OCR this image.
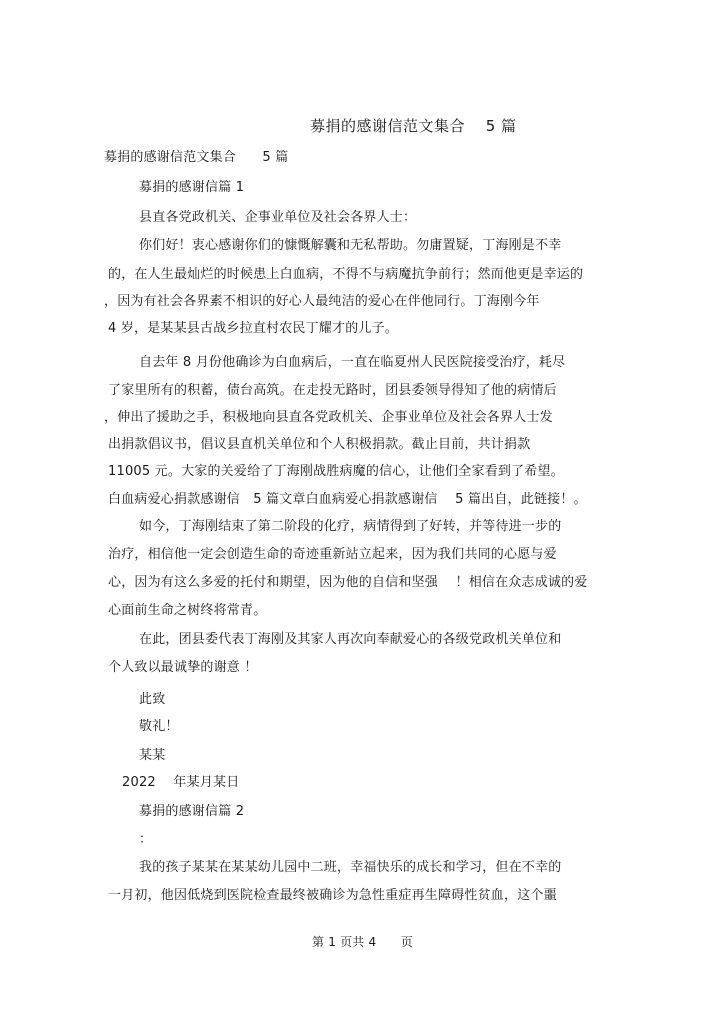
募捐的感谢信范文集合　 5 篇
募捐的感谢信范文集合　　5 篇
募捐的感谢信篇 1
县直各党政机关、企事业单位及社会各界人士：
你们好！衷心感谢你们的慷慨解囊和无私帮助。勿庸置疑，丁海刚是不幸
的，在人生最灿烂的时候患上白血病，不得不与病魔抗争前行；然而他更是幸运的
，因为有社会各界素不相识的好心人最纯洁的爱心在伴他同行。丁海刚今年
4 岁，是某某县古战乡拉直村农民丁耀才的儿子。
自去年 8 月份他确诊为白血病后，一直在临夏州人民医院接受治疗，耗尽
了家里所有的积蓄，债台高筑。在走投无路时，团县委领导得知了他的病情后
，伸出了援助之手，积极地向县直各党政机关、企事业单位及社会各界人士发
出捐款倡议书，倡议县直机关单位和个人积极捐款。截止目前，共计捐款
11005 元。大家的关爱给了丁海刚战胜病魔的信心，让他们全家看到了希望。
白血病爱心捐款感谢信　5 篇文章白血病爱心捐款感谢信　 5 篇出自，此链接！。
如今，丁海刚结束了第二阶段的化疗，病情得到了好转，并等待进一步的
治疗，相信他一定会创造生命的奇迹重新站立起来，因为我们共同的心愿与爱
心，因为有这么多爱的托付和期望，因为他的自信和坚强　 ！相信在众志成诚的爱
心面前生命之树终将常青。
在此，团县委代表丁海刚及其家人再次向奉献爱心的各级党政机关单位和
个人致以最诚挚的谢意 ！
此致
敬礼！
某某
2022　 年某月某日
募捐的感谢信篇 2
：
我的孩子某某在某某幼儿园中二班，幸福快乐的成长和学习，但在不幸的
一月初，他因低烧到医院检查最终被确诊为急性重症再生障碍性贫血，这个噩
第 1 页共 4　　页
